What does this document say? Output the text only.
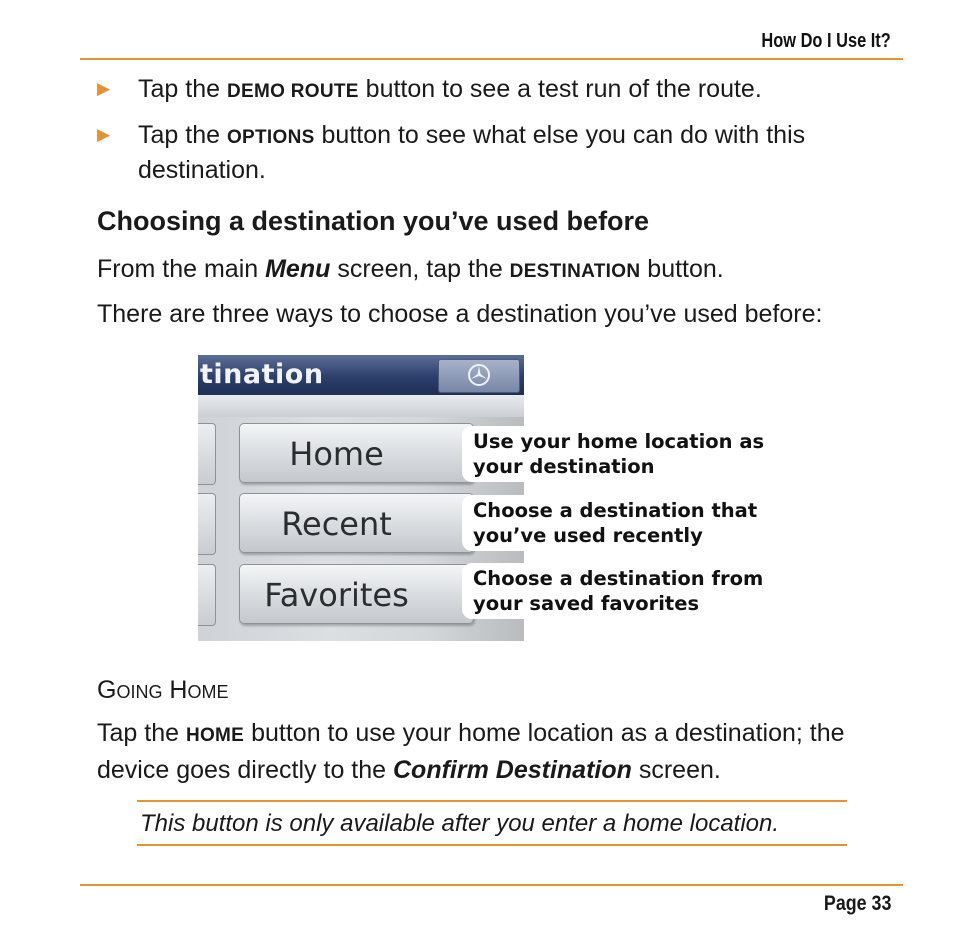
How Do I Use It?
▶	Tap the DEMO ROUTE button to see a test run of the route.
▶	Tap the OPTIONS button to see what else you can do with this destination.
Choosing a destination you’ve used before
From the main Menu screen, tap the DESTINATION button.
There are three ways to choose a destination you’ve used before:
tination
Home
Recent
Favorites
Use your home location as your destination
Choose a destination that you’ve used recently
Choose a destination from your saved favorites
Going Home
Tap the HOME button to use your home location as a destination; the device goes directly to the Confirm Destination screen.
This button is only available after you enter a home location.
Page 33
